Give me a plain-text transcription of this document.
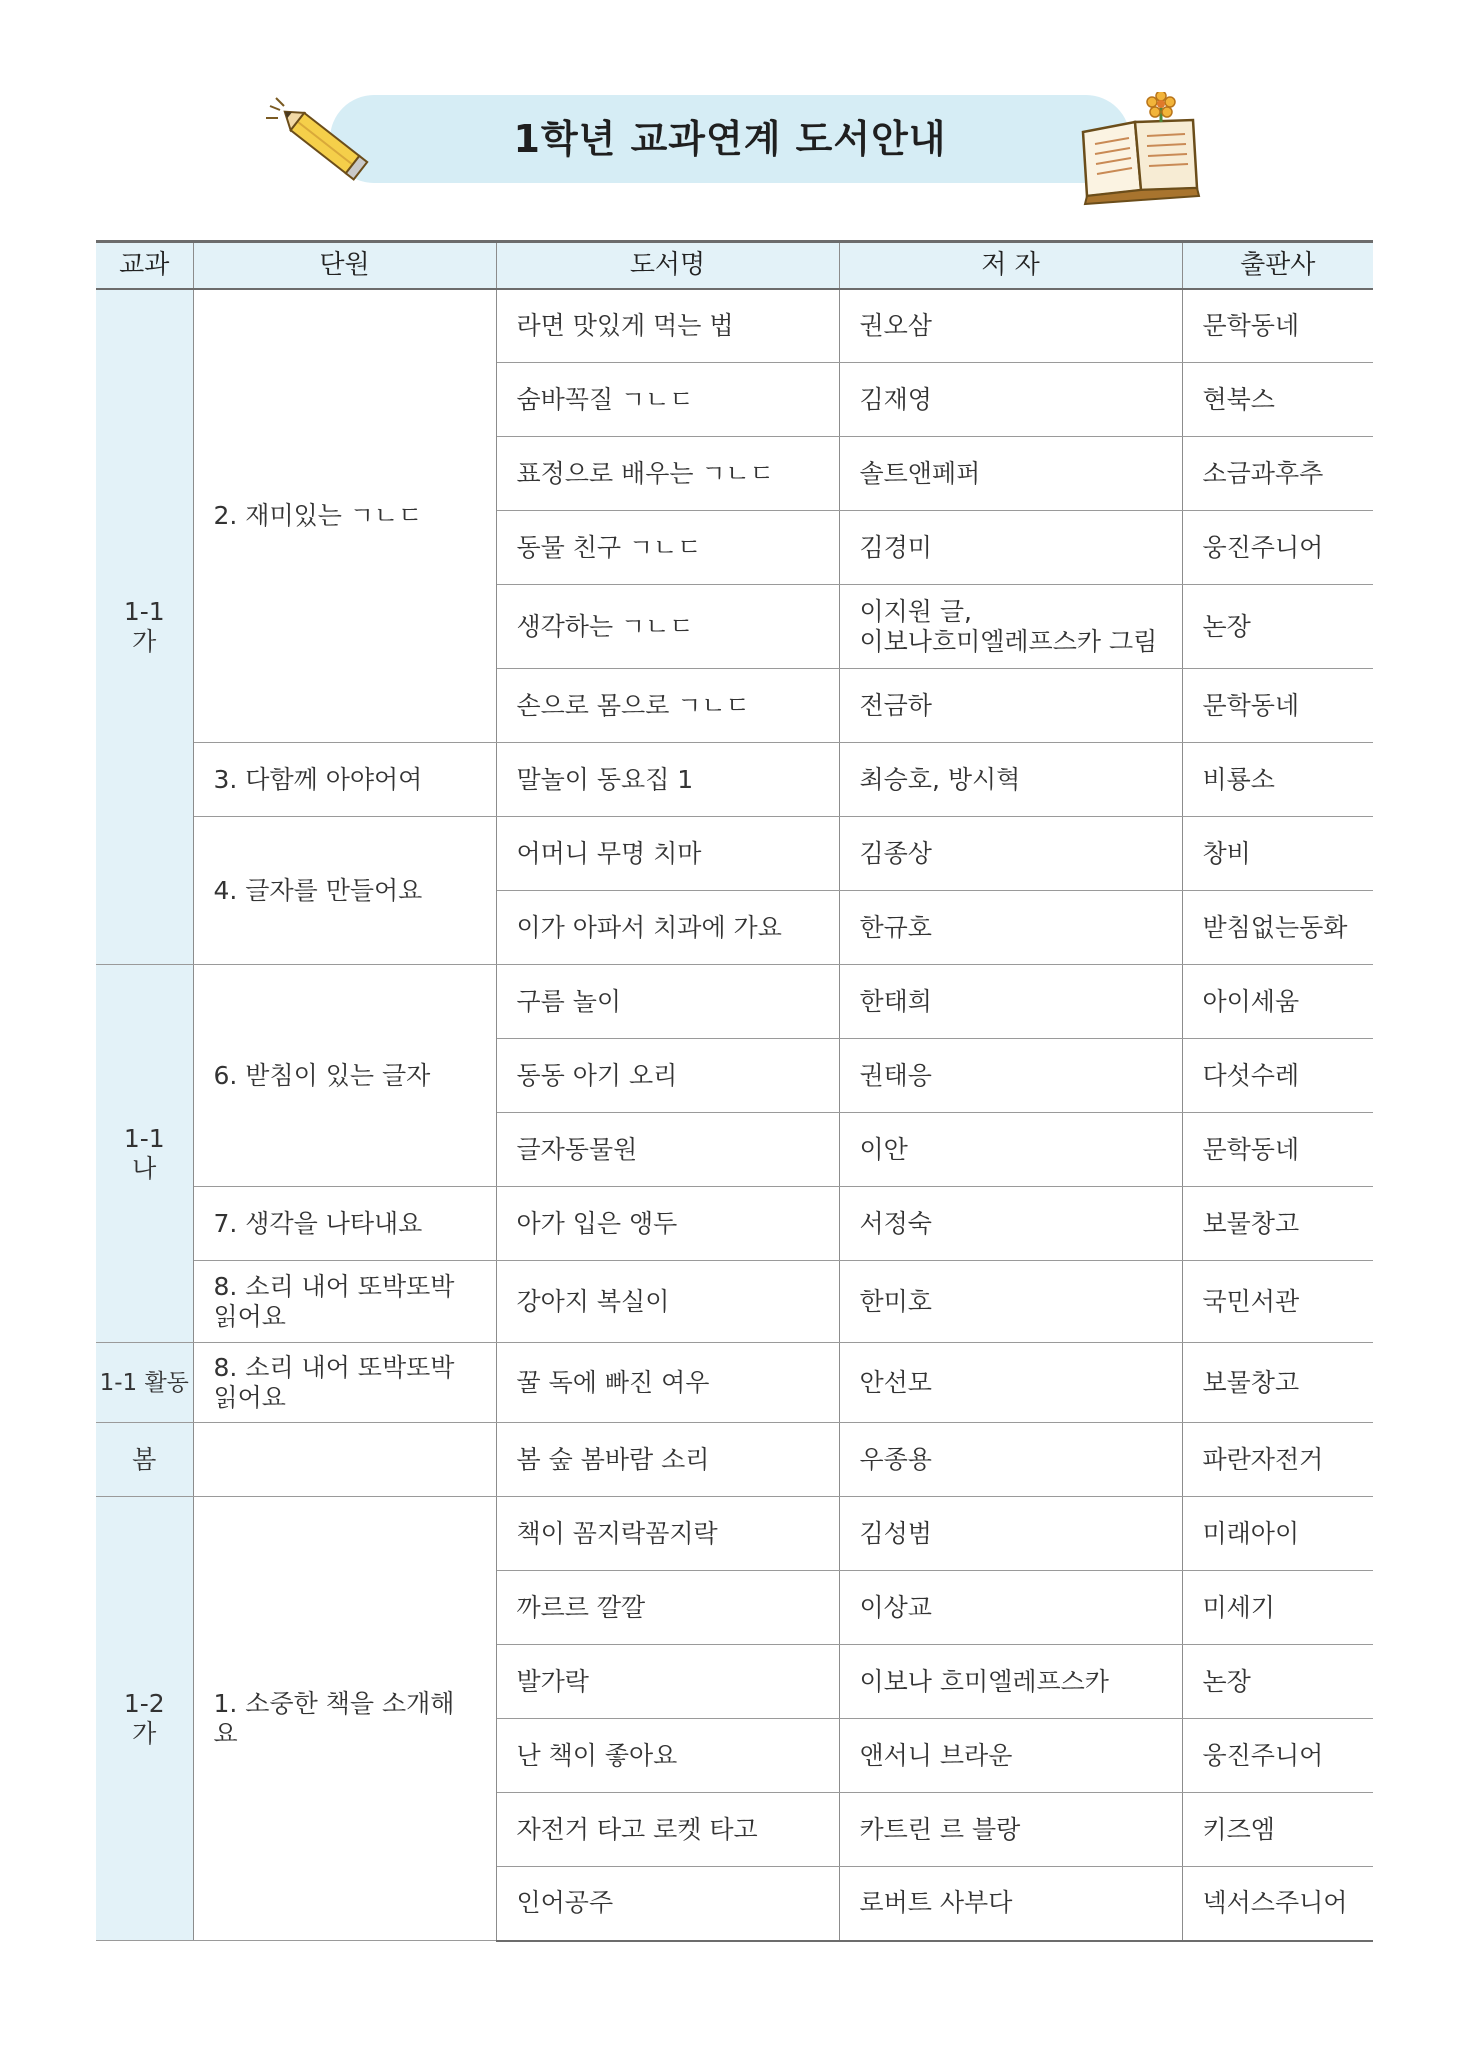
1학년 교과연계 도서안내
교과	단원	도서명	저 자	출판사
1-1
가	2. 재미있는 ㄱㄴㄷ	라면 맛있게 먹는 법	권오삼	문학동네
		숨바꼭질 ㄱㄴㄷ	김재영	현북스
		표정으로 배우는 ㄱㄴㄷ	솔트앤페퍼	소금과후추
		동물 친구 ㄱㄴㄷ	김경미	웅진주니어
		생각하는 ㄱㄴㄷ	이지원 글,
이보나흐미엘레프스카 그림	논장
		손으로 몸으로 ㄱㄴㄷ	전금하	문학동네
	3. 다함께 아야어여	말놀이 동요집 1	최승호, 방시혁	비룡소
	4. 글자를 만들어요	어머니 무명 치마	김종상	창비
		이가 아파서 치과에 가요	한규호	받침없는동화
1-1
나	6. 받침이 있는 글자	구름 놀이	한태희	아이세움
		동동 아기 오리	권태응	다섯수레
		글자동물원	이안	문학동네
	7. 생각을 나타내요	아가 입은 앵두	서정숙	보물창고
	8. 소리 내어 또박또박
읽어요	강아지 복실이	한미호	국민서관
1-1 활동	8. 소리 내어 또박또박
읽어요	꿀 독에 빠진 여우	안선모	보물창고
봄		봄 숲 봄바람 소리	우종용	파란자전거
1-2
가	1. 소중한 책을 소개해요	책이 꼼지락꼼지락	김성범	미래아이
		까르르 깔깔	이상교	미세기
		발가락	이보나 흐미엘레프스카	논장
		난 책이 좋아요	앤서니 브라운	웅진주니어
		자전거 타고 로켓 타고	카트린 르 블랑	키즈엠
		인어공주	로버트 사부다	넥서스주니어
